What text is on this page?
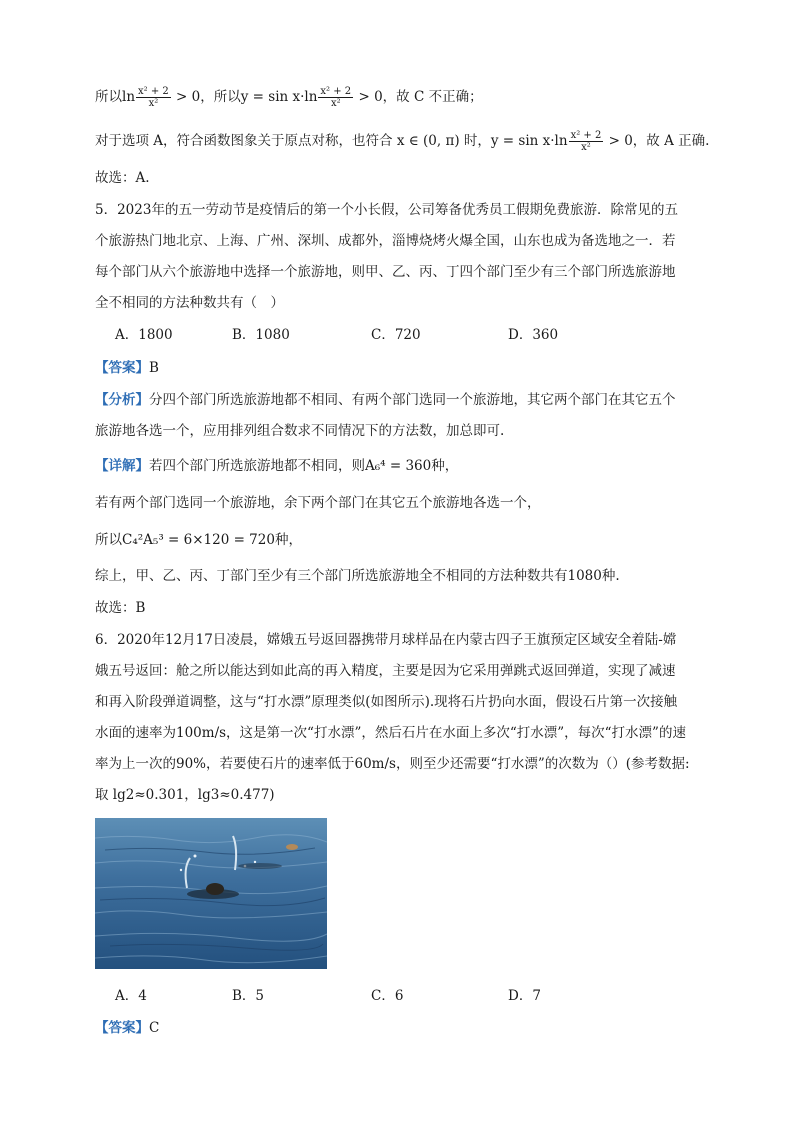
所以$\ln \frac{\text{x² + 2}}{\text{x²}} > 0$，所以$y = \sin x\cdot\ln \frac{\text{x² + 2}}{\text{x²}} > 0$，故 C 不正确；
对于选项 A，符合函数图象关于原点对称，也符合 x ∈ (0, π) 时，$y = \sin x\cdot\ln \frac{\text{x² + 2}}{\text{x²}} > 0$，故 A 正确.
故选：A.
5．2023年的五一劳动节是疫情后的第一个小长假，公司筹备优秀员工假期免费旅游．除常见的五
个旅游热门地北京、上海、广州、深圳、成都外，淄博烧烤火爆全国，山东也成为备选地之一．若
每个部门从六个旅游地中选择一个旅游地，则甲、乙、丙、丁四个部门至少有三个部门所选旅游地
全不相同的方法种数共有（　）
A．1800	B．1080	C．720	D．360
【答案】B
【分析】分四个部门所选旅游地都不相同、有两个部门选同一个旅游地，其它两个部门在其它五个
旅游地各选一个，应用排列组合数求不同情况下的方法数，加总即可.
【详解】若四个部门所选旅游地都不相同，则A₆⁴ = 360种，
若有两个部门选同一个旅游地，余下两个部门在其它五个旅游地各选一个，
所以C₄²A₅³ = 6×120 = 720种，
综上，甲、乙、丙、丁部门至少有三个部门所选旅游地全不相同的方法种数共有1080种.
故选：B
6．2020年12月17日凌晨，嫦娥五号返回器携带月球样品在内蒙古四子王旗预定区域安全着陆-嫦
娥五号返回：舱之所以能达到如此高的再入精度，主要是因为它采用弹跳式返回弹道，实现了减速
和再入阶段弹道调整，这与“打水漂”原理类似(如图所示).现将石片扔向水面，假设石片第一次接触
水面的速率为100m/s，这是第一次“打水漂”，然后石片在水面上多次“打水漂”，每次“打水漂”的速
率为上一次的90%，若要使石片的速率低于60m/s，则至少还需要“打水漂”的次数为（）(参考数据:
取 lg2≈0.301，lg3≈0.477)
A．4	B．5	C．6	D．7
【答案】C
